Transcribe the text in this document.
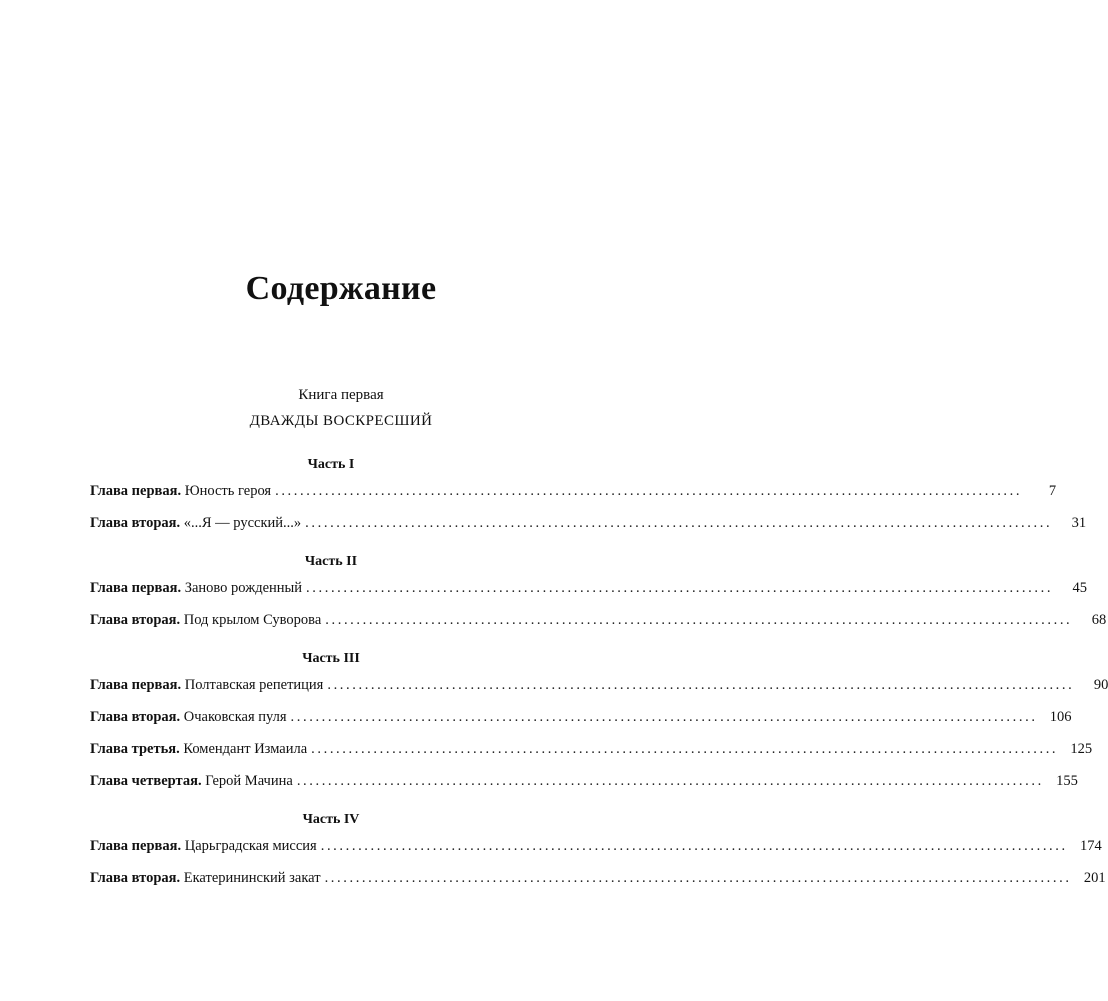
Содержание
Книга первая
ДВАЖДЫ ВОСКРЕСШИЙ
Часть I
Глава первая.
Юность героя ........................................................................................................................	7
Глава вторая.
«...Я — русский...» ........................................................................................................................	31
Часть II
Глава первая.
Заново рожденный ........................................................................................................................	45
Глава вторая.
Под крылом Суворова ........................................................................................................................	68
Часть III
Глава первая.
Полтавская репетиция ........................................................................................................................	90
Глава вторая.
Очаковская пуля ........................................................................................................................ 106
Глава третья.
Комендант Измаила ........................................................................................................................ 125
Глава четвертая.
Герой Мачина ........................................................................................................................ 155
Часть IV
Глава первая.
Царьградская миссия ........................................................................................................................ 174
Глава вторая.
Екатерининский закат ........................................................................................................................ 201
